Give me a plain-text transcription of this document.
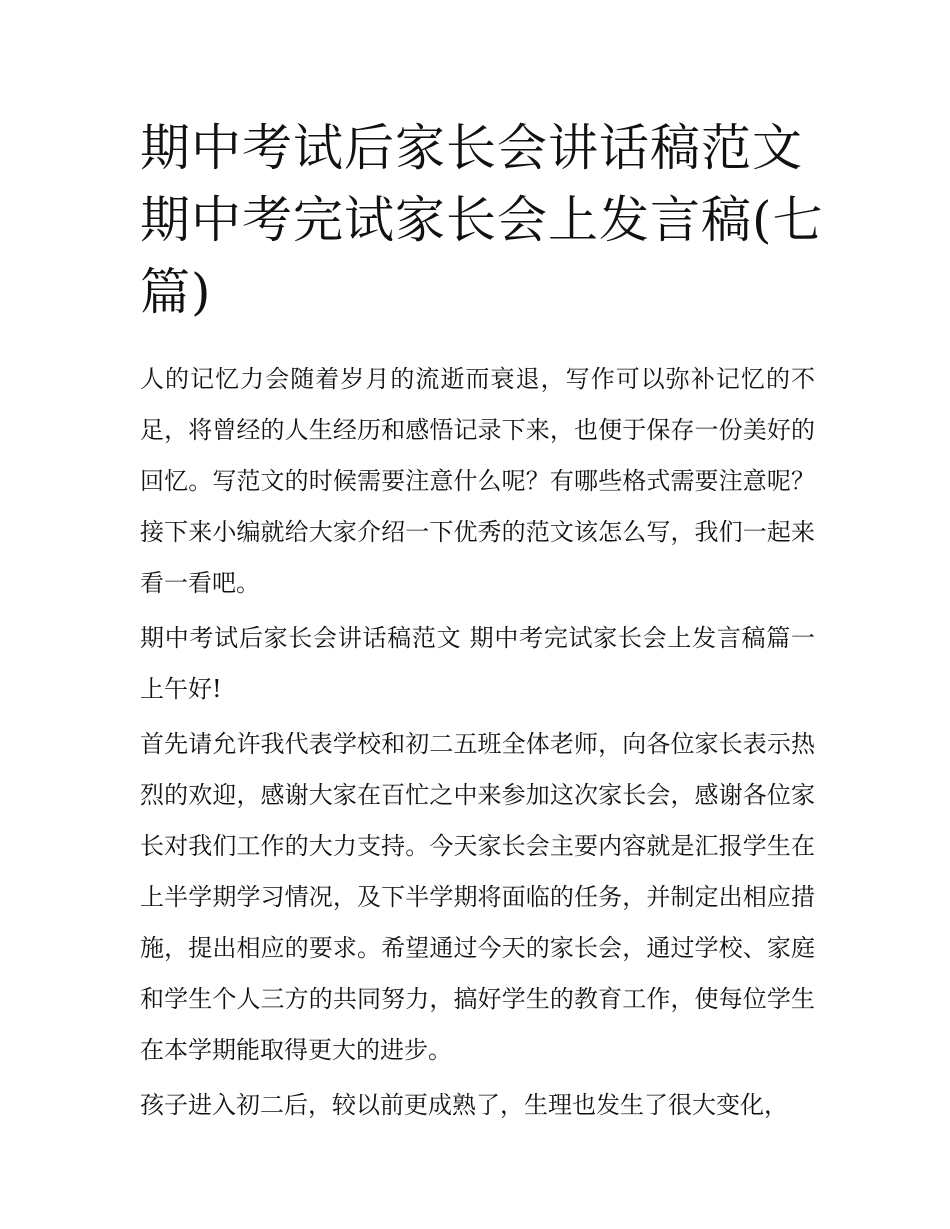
期中考试后家长会讲话稿范文 期中考完试家长会上发言稿(七篇)

人的记忆力会随着岁月的流逝而衰退，写作可以弥补记忆的不足，将曾经的人生经历和感悟记录下来，也便于保存一份美好的回忆。写范文的时候需要注意什么呢？有哪些格式需要注意呢？接下来小编就给大家介绍一下优秀的范文该怎么写，我们一起来看一看吧。

期中考试后家长会讲话稿范文 期中考完试家长会上发言稿篇一 上午好!

首先请允许我代表学校和初二五班全体老师，向各位家长表示热烈的欢迎，感谢大家在百忙之中来参加这次家长会，感谢各位家长对我们工作的大力支持。今天家长会主要内容就是汇报学生在上半学期学习情况，及下半学期将面临的任务，并制定出相应措施，提出相应的要求。希望通过今天的家长会，通过学校、家庭和学生个人三方的共同努力，搞好学生的教育工作，使每位学生在本学期能取得更大的进步。

孩子进入初二后，较以前更成熟了，生理也发生了很大变化，
